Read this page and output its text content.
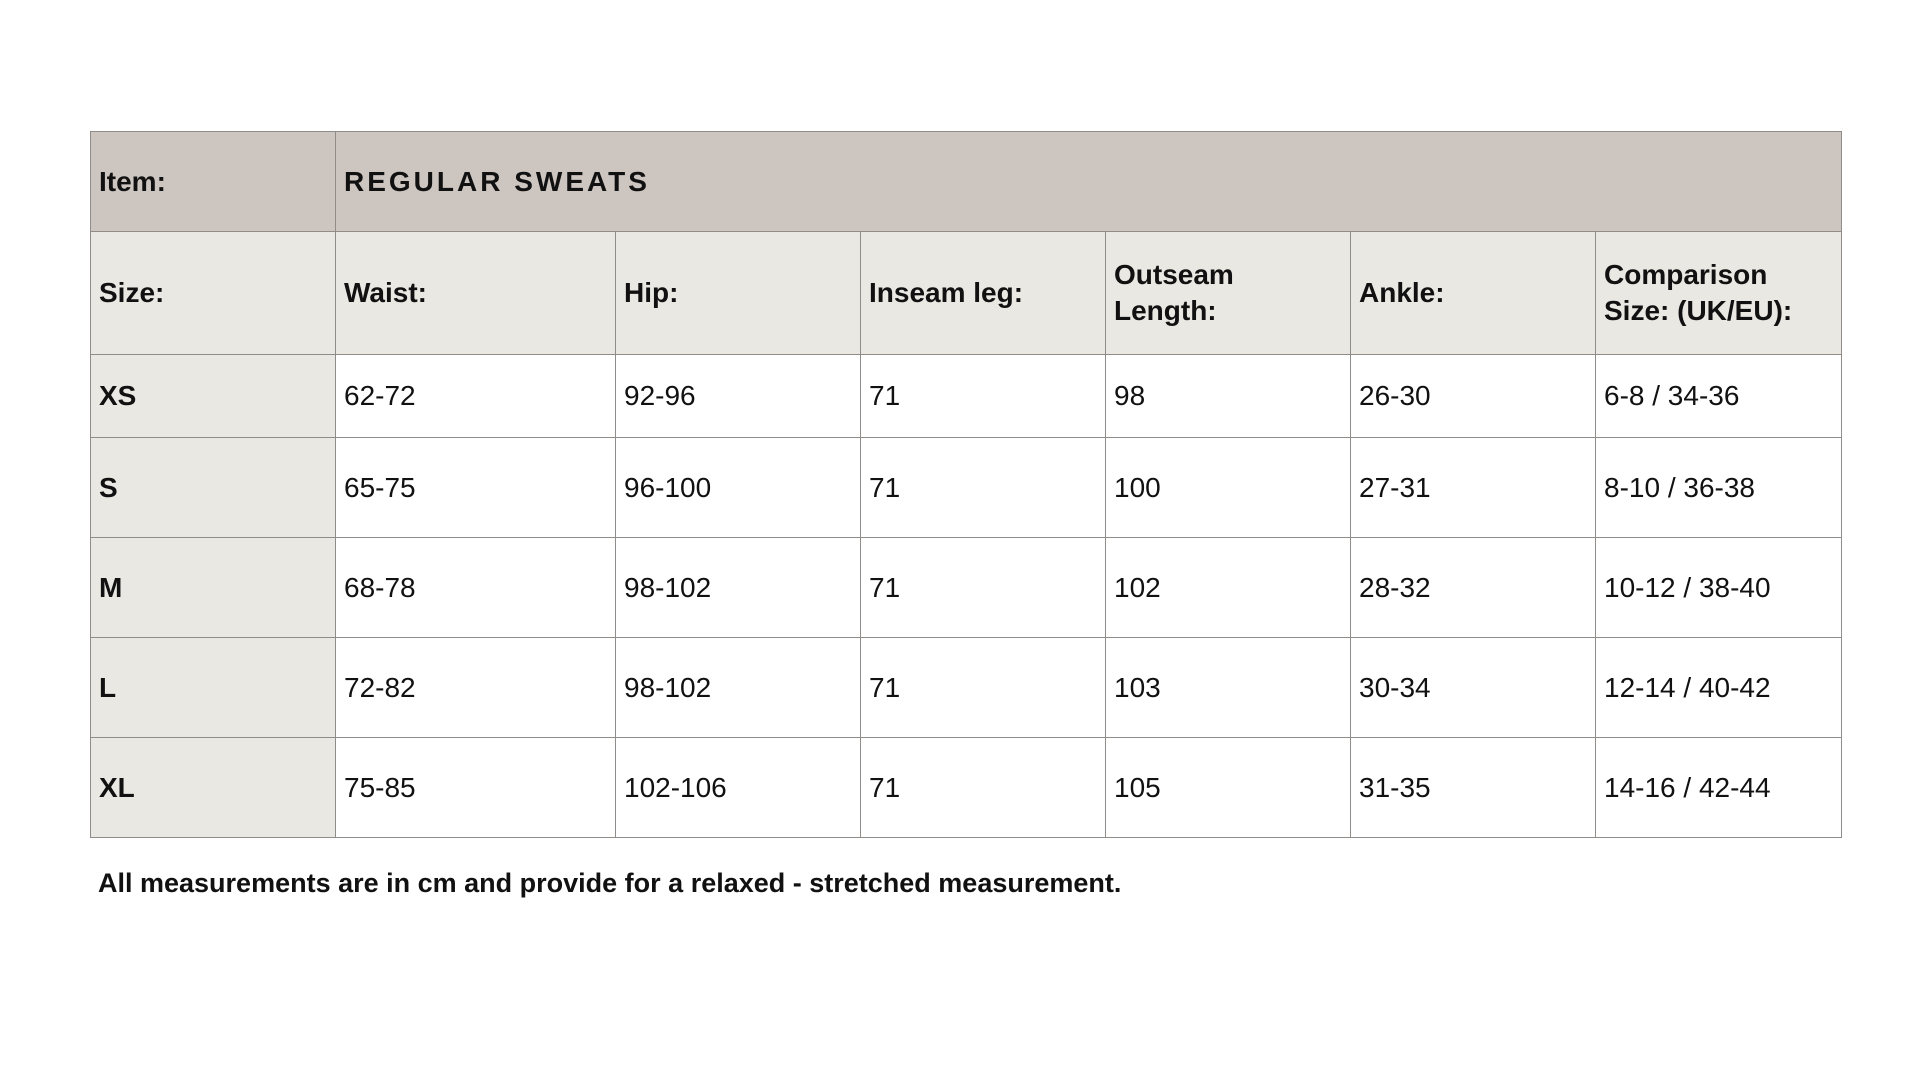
Item:	REGULAR SWEATS					
Size:	Waist:	Hip:	Inseam leg:	Outseam Length:	Ankle:	Comparison Size: (UK/EU):
XS	62-72	92-96	71	98	26-30	6-8 / 34-36
S	65-75	96-100	71	100	27-31	8-10 / 36-38
M	68-78	98-102	71	102	28-32	10-12 / 38-40
L	72-82	98-102	71	103	30-34	12-14 / 40-42
XL	75-85	102-106	71	105	31-35	14-16 / 42-44

All measurements are in cm and provide for a relaxed - stretched measurement.
